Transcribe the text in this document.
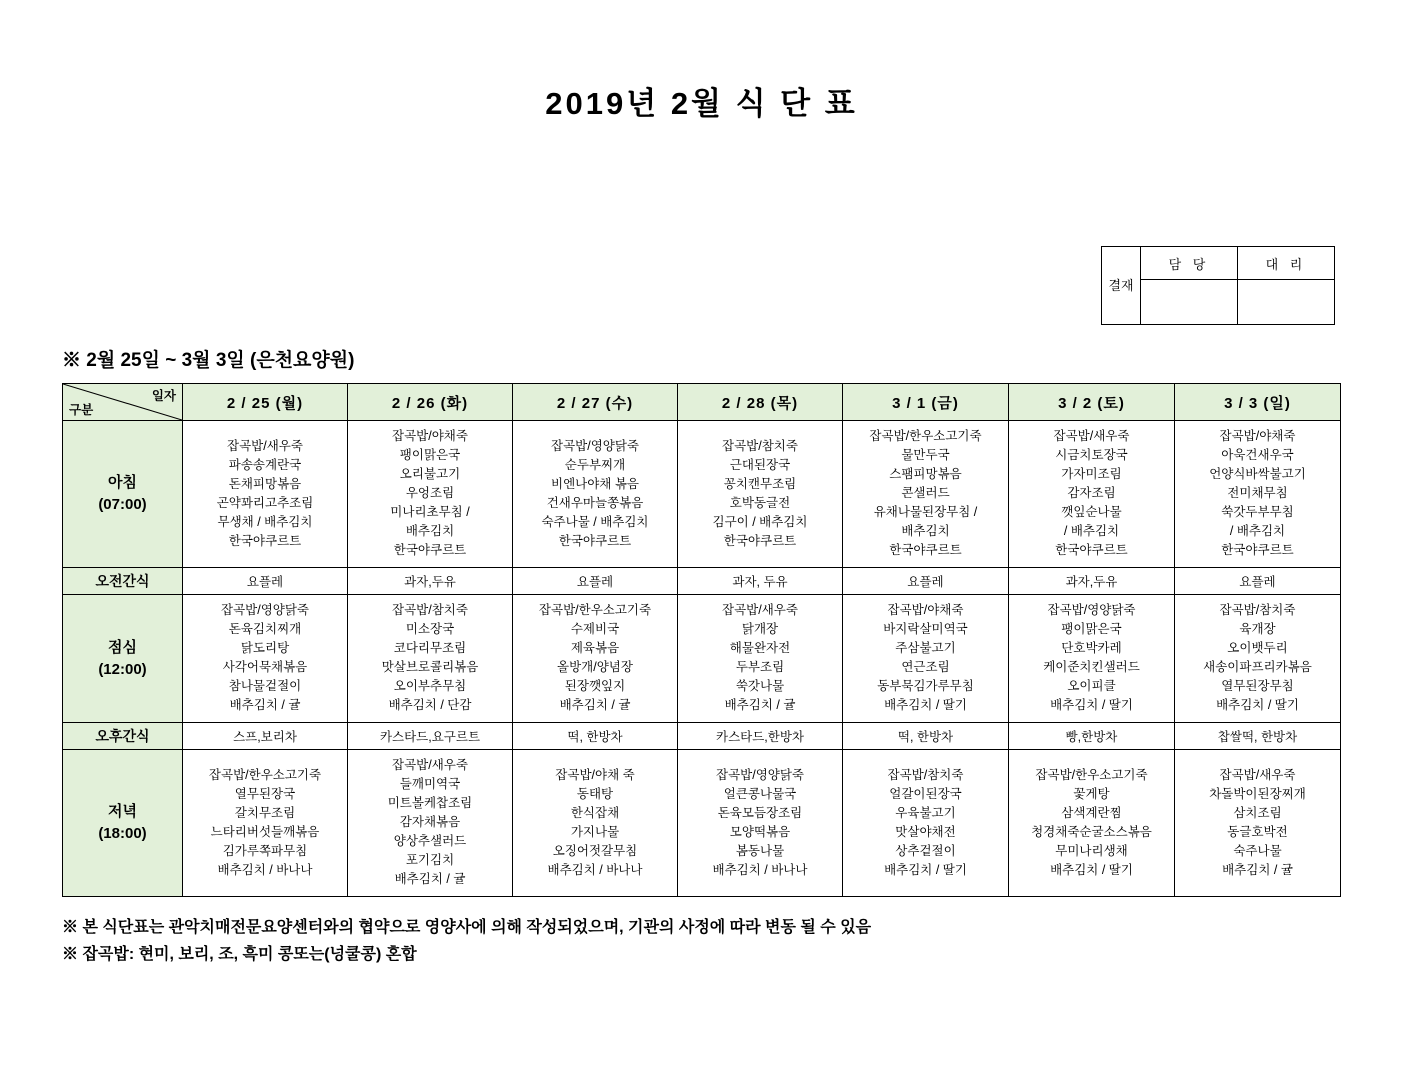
2019년 2월 식 단 표
결재	담 당	대 리

※ 2월 25일 ~ 3월 3일 (은천요양원)
일자
구분	2 / 25 (월)	2 / 26 (화)	2 / 27 (수)	2 / 28 (목)	3 / 1 (금)	3 / 2 (토)	3 / 3 (일)

아침
(07:00)

잡곡밥/새우죽
파송송계란국
돈채피망볶음
곤약꽈리고추조림
무생채 / 배추김치
한국야쿠르트

잡곡밥/야채죽
팽이맑은국
오리불고기
우엉조림
미나리초무침 /
배추김치
한국야쿠르트

잡곡밥/영양닭죽
순두부찌개
비엔나야채 볶음
건새우마늘쫑볶음
숙주나물 / 배추김치
한국야쿠르트

잡곡밥/참치죽
근대된장국
꽁치캔무조림
호박동글전
김구이 / 배추김치
한국야쿠르트

잡곡밥/한우소고기죽
물만두국
스팸피망볶음
콘샐러드
유채나물된장무침 /
배추김치
한국야쿠르트

잡곡밥/새우죽
시금치토장국
가자미조림
감자조림
깻잎순나물
/ 배추김치
한국야쿠르트

잡곡밥/야채죽
아욱건새우국
언양식바싹불고기
전미채무침
쑥갓두부무침
/ 배추김치
한국야쿠르트

오전간식	요플레	과자,두유	요플레	과자, 두유	요플레	과자,두유	요플레

점심
(12:00)

잡곡밥/영양닭죽
돈육김치찌개
닭도리탕
사각어묵채볶음
참나물겉절이
배추김치 / 귤

잡곡밥/참치죽
미소장국
코다리무조림
맛살브로콜리볶음
오이부추무침
배추김치 / 단감

잡곡밥/한우소고기죽
수제비국
제육볶음
올방개/양념장
된장깻잎지
배추김치 / 귤

잡곡밥/새우죽
닭개장
해물완자전
두부조림
쑥갓나물
배추김치 / 귤

잡곡밥/야채죽
바지락살미역국
주삼불고기
연근조림
동부묵김가루무침
배추김치 / 딸기

잡곡밥/영양닭죽
팽이맑은국
단호박카레
케이준치킨샐러드
오이피클
배추김치 / 딸기

잡곡밥/참치죽
육개장
오이뱃두리
새송이파프리카볶음
열무된장무침
배추김치 / 딸기

오후간식	스프,보리차	카스타드,요구르트	떡, 한방차	카스타드,한방차	떡, 한방차	빵,한방차	찹쌀떡, 한방차

저녁
(18:00)

잡곡밥/한우소고기죽
열무된장국
갈치무조림
느타리버섯들깨볶음
김가루쪽파무침
배추김치 / 바나나

잡곡밥/새우죽
들깨미역국
미트볼케찹조림
감자채볶음
양상추샐러드
포기김치
배추김치 / 귤

잡곡밥/야채 죽
동태탕
한식잡채
가지나물
오징어젓갈무침
배추김치 / 바나나

잡곡밥/영양닭죽
얼큰콩나물국
돈육모듬장조림
모양떡볶음
봄동나물
배추김치 / 바나나

잡곡밥/참치죽
얼갈이된장국
우육불고기
맛살야채전
상추겉절이
배추김치 / 딸기

잡곡밥/한우소고기죽
꽃게탕
삼색계란찜
청경채죽순굴소스볶음
무미나리생채
배추김치 / 딸기

잡곡밥/새우죽
차돌박이된장찌개
삼치조림
동글호박전
숙주나물
배추김치 / 귤
※ 본 식단표는 관악치매전문요양센터와의 협약으로 영양사에 의해 작성되었으며, 기관의 사정에 따라 변동 될 수 있음
※ 잡곡밥: 현미, 보리, 조, 흑미 콩또는(넝쿨콩) 혼합
